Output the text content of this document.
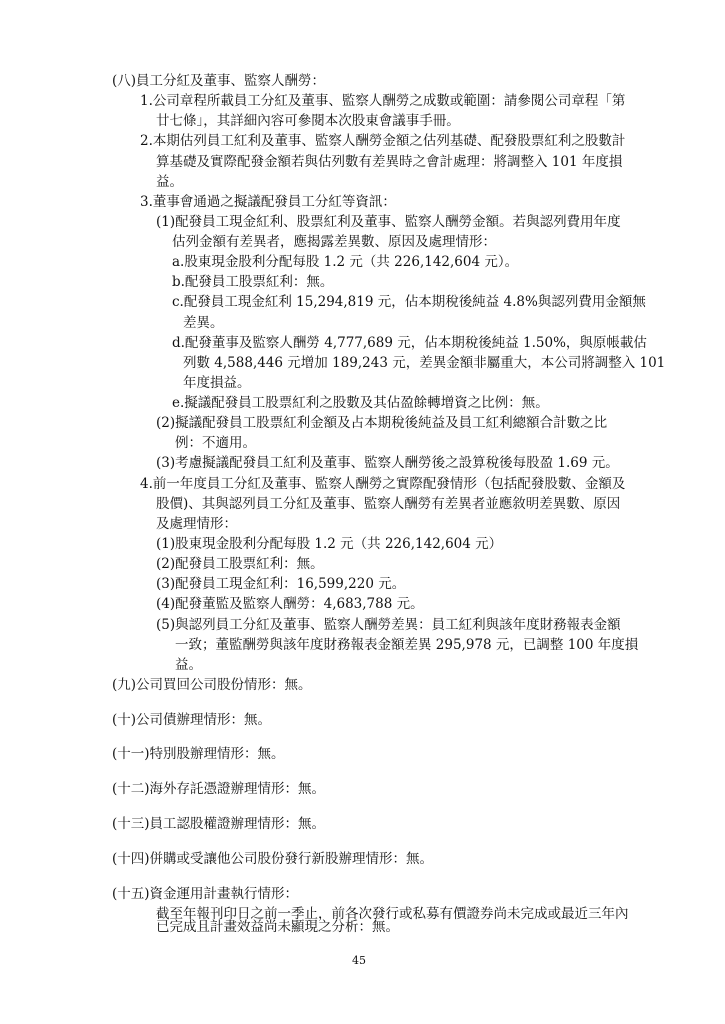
(八)員工分紅及董事、監察人酬勞：
1.公司章程所載員工分紅及董事、監察人酬勞之成數或範圍：請參閱公司章程「第
廿七條」，其詳細內容可參閱本次股東會議事手冊。
2.本期估列員工紅利及董事、監察人酬勞金額之估列基礎、配發股票紅利之股數計
算基礎及實際配發金額若與估列數有差異時之會計處理：將調整入 101 年度損
益。
3.董事會通過之擬議配發員工分紅等資訊：
(1)配發員工現金紅利、股票紅利及董事、監察人酬勞金額。若與認列費用年度
估列金額有差異者，應揭露差異數、原因及處理情形：
a.股東現金股利分配每股 1.2 元（共 226,142,604 元）。
b.配發員工股票紅利：無。
c.配發員工現金紅利 15,294,819 元，佔本期稅後純益 4.8%與認列費用金額無
差異。
d.配發董事及監察人酬勞 4,777,689 元，佔本期稅後純益 1.50%，與原帳載估
列數 4,588,446 元增加 189,243 元，差異金額非屬重大，本公司將調整入 101
年度損益。
e.擬議配發員工股票紅利之股數及其佔盈餘轉增資之比例：無。
(2)擬議配發員工股票紅利金額及占本期稅後純益及員工紅利總額合計數之比
例：不適用。
(3)考慮擬議配發員工紅利及董事、監察人酬勞後之設算稅後每股盈 1.69 元。
4.前一年度員工分紅及董事、監察人酬勞之實際配發情形（包括配發股數、金額及
股價)、其與認列員工分紅及董事、監察人酬勞有差異者並應敘明差異數、原因
及處理情形：
(1)股東現金股利分配每股 1.2 元（共 226,142,604 元）
(2)配發員工股票紅利：無。
(3)配發員工現金紅利：16,599,220 元。
(4)配發董監及監察人酬勞：4,683,788 元。
(5)與認列員工分紅及董事、監察人酬勞差異：員工紅利與該年度財務報表金額
一致；董監酬勞與該年度財務報表金額差異 295,978 元，已調整 100 年度損
益。
(九)公司買回公司股份情形：無。
(十)公司債辦理情形：無。
(十一)特別股辦理情形：無。
(十二)海外存託憑證辦理情形：無。
(十三)員工認股權證辦理情形：無。
(十四)併購或受讓他公司股份發行新股辦理情形：無。
(十五)資金運用計畫執行情形：
截至年報刊印日之前一季止，前各次發行或私募有價證券尚未完成或最近三年內
已完成且計畫效益尚未顯現之分析：無。
45
